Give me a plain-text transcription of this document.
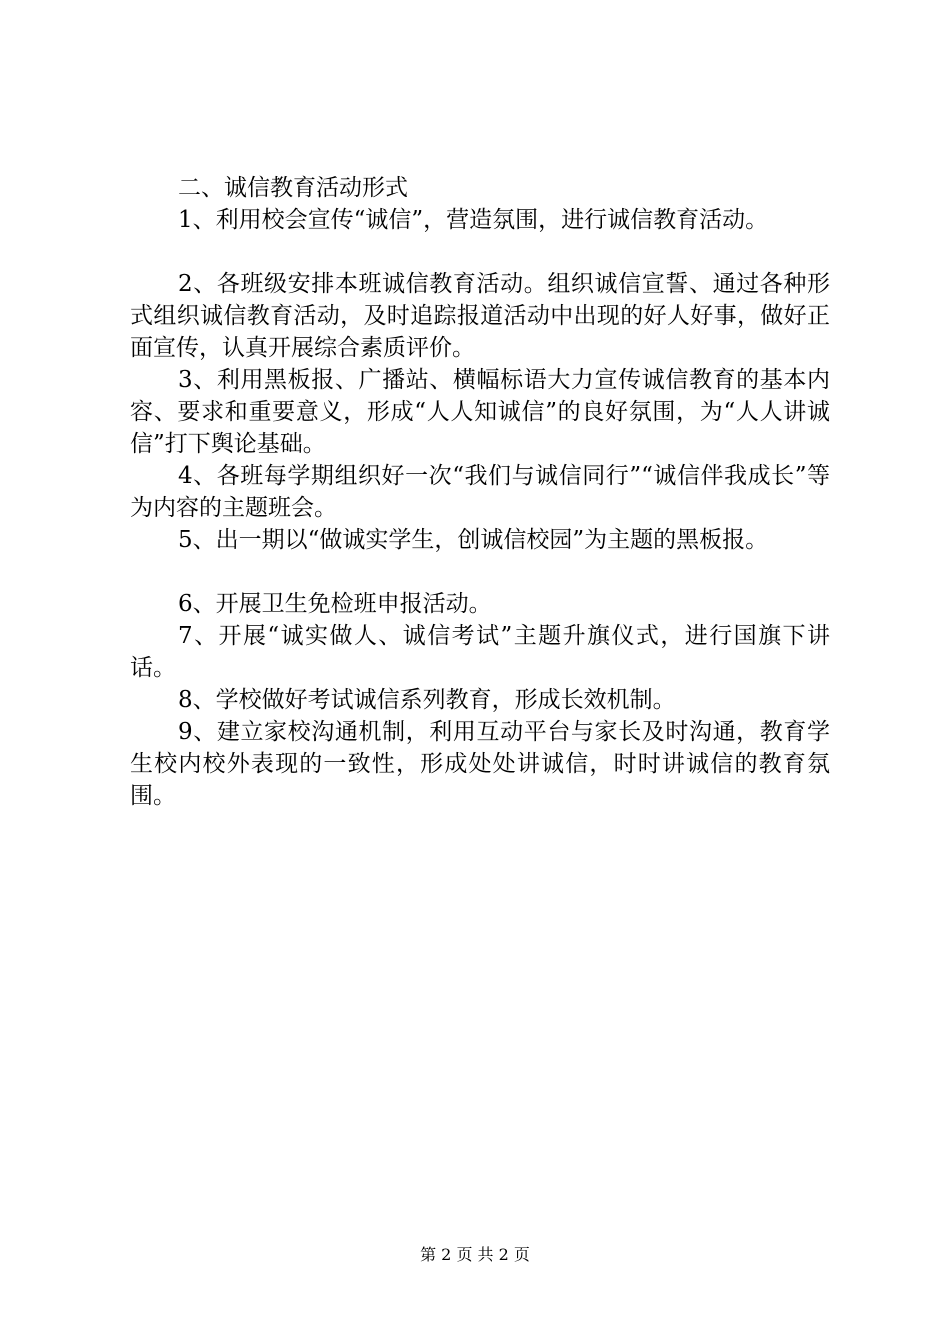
二、诚信教育活动形式

1、利用校会宣传“诚信”，营造氛围，进行诚信教育活动。

2、各班级安排本班诚信教育活动。组织诚信宣誓、通过各种形式组织诚信教育活动，及时追踪报道活动中出现的好人好事，做好正面宣传，认真开展综合素质评价。

3、利用黑板报、广播站、横幅标语大力宣传诚信教育的基本内容、要求和重要意义，形成“人人知诚信”的良好氛围，为“人人讲诚信”打下舆论基础。

4、各班每学期组织好一次“我们与诚信同行”“诚信伴我成长”等为内容的主题班会。

5、出一期以“做诚实学生，创诚信校园”为主题的黑板报。

6、开展卫生免检班申报活动。

7、开展“诚实做人、诚信考试”主题升旗仪式，进行国旗下讲话。

8、学校做好考试诚信系列教育，形成长效机制。

9、建立家校沟通机制，利用互动平台与家长及时沟通，教育学生校内校外表现的一致性，形成处处讲诚信，时时讲诚信的教育氛围。

第 2 页 共 2 页
